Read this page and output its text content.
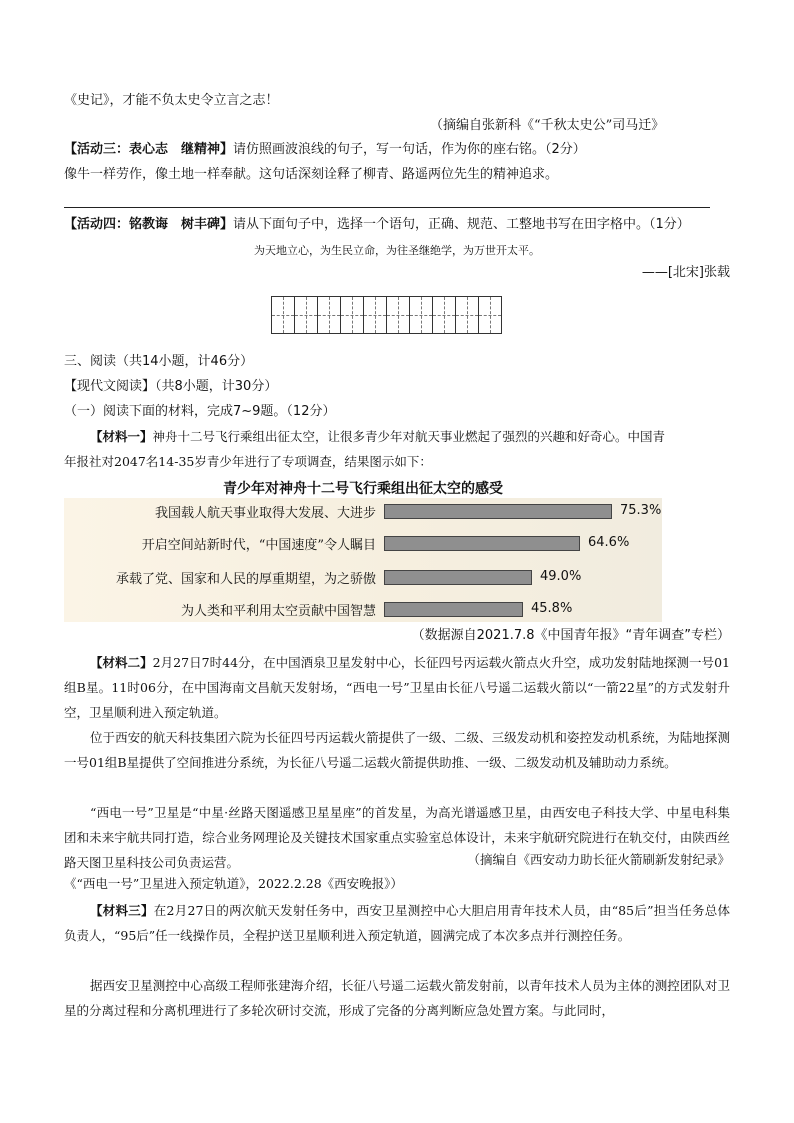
《史记》，才能不负太史令立言之志！
（摘编自张新科《“千秋太史公”司马迁》
【活动三：表心志　继精神】请仿照画波浪线的句子，写一句话，作为你的座右铭。（2分）
像牛一样劳作，像土地一样奉献。这句话深刻诠释了柳青、路遥两位先生的精神追求。
【活动四：铭教诲　树丰碑】请从下面句子中，选择一个语句，正确、规范、工整地书写在田字格中。（1分）
为天地立心，为生民立命，为往圣继绝学，为万世开太平。
——[北宋]张载
三、阅读（共14小题，计46分）
【现代文阅读】（共8小题，计30分）
（一）阅读下面的材料，完成7~9题。（12分）
【材料一】神舟十二号飞行乘组出征太空，让很多青少年对航天事业燃起了强烈的兴趣和好奇心。中国青
年报社对2047名14-35岁青少年进行了专项调查，结果图示如下：
青少年对神舟十二号飞行乘组出征太空的感受
我国载人航天事业取得大发展、大进步	75.3%
开启空间站新时代，“中国速度”令人瞩目	64.6%
承载了党、国家和人民的厚重期望，为之骄傲	49.0%
为人类和平利用太空贡献中国智慧	45.8%
（数据源自2021.7.8《中国青年报》“青年调查”专栏）

【材料二】2月27日7时44分，在中国酒泉卫星发射中心，长征四号丙运载火箭点火升空，成功发射陆地探测一号01组B星。11时06分，在中国海南文昌航天发射场，“西电一号”卫星由长征八号遥二运载火箭以“一箭22星”的方式发射升空，卫星顺利进入预定轨道。

位于西安的航天科技集团六院为长征四号丙运载火箭提供了一级、二级、三级发动机和姿控发动机系统，为陆地探测一号01组B星提供了空间推进分系统，为长征八号遥二运载火箭提供助推、一级、二级发动机及辅助动力系统。

“西电一号”卫星是“中星·丝路天图遥感卫星星座”的首发星，为高光谱遥感卫星，由西安电子科技大学、中星电科集团和未来宇航共同打造，综合业务网理论及关键技术国家重点实验室总体设计，未来宇航研究院进行在轨交付，由陕西丝路天图卫星科技公司负责运营。	（摘编自《西安动力助长征火箭刷新发射纪录》
《“西电一号”卫星进入预定轨道》，2022.2.28《西安晚报》）

【材料三】在2月27日的两次航天发射任务中，西安卫星测控中心大胆启用青年技术人员，由“85后”担当任务总体负责人，“95后”任一线操作员，全程护送卫星顺利进入预定轨道，圆满完成了本次多点并行测控任务。

据西安卫星测控中心高级工程师张建海介绍，长征八号遥二运载火箭发射前，以青年技术人员为主体的测控团队对卫星的分离过程和分离机理进行了多轮次研讨交流，形成了完备的分离判断应急处置方案。与此同时，
